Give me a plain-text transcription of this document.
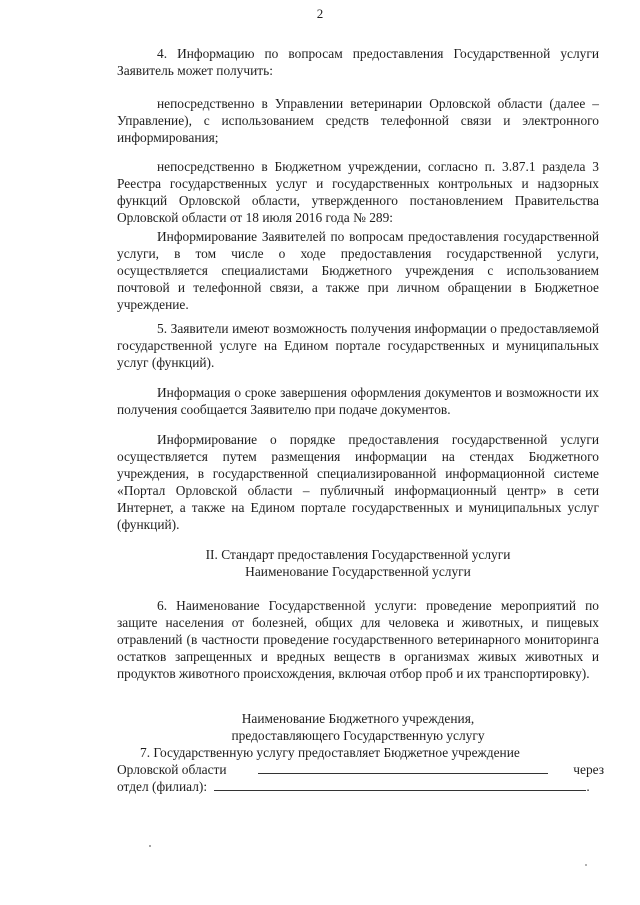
2

4. Информацию по вопросам предоставления Государственной услуги Заявитель может получить:

непосредственно в Управлении ветеринарии Орловской области (далее – Управление), с использованием средств телефонной связи и электронного информирования;

непосредственно в Бюджетном учреждении, согласно п. 3.87.1 раздела 3 Реестра государственных услуг и государственных контрольных и надзорных функций Орловской области, утвержденного постановлением Правительства Орловской области от 18 июля 2016 года № 289:

Информирование Заявителей по вопросам предоставления государственной услуги, в том числе о ходе предоставления государственной услуги, осуществляется специалистами Бюджетного учреждения с использованием почтовой и телефонной связи, а также при личном обращении в Бюджетное учреждение.

5. Заявители имеют возможность получения информации о предоставляемой государственной услуге на Едином портале государственных и муниципальных услуг (функций).

Информация о сроке завершения оформления документов и возможности их получения сообщается Заявителю при подаче документов.

Информирование о порядке предоставления государственной услуги осуществляется путем размещения информации на стендах Бюджетного учреждения, в государственной специализированной информационной системе «Портал Орловской области – публичный информационный центр» в сети Интернет, а также на Едином портале государственных и муниципальных услуг (функций).

II. Стандарт предоставления Государственной услуги
Наименование Государственной услуги

6. Наименование Государственной услуги: проведение мероприятий по защите населения от болезней, общих для человека и животных, и пищевых отравлений (в частности проведение государственного ветеринарного мониторинга остатков запрещенных и вредных веществ в организмах живых животных и продуктов животного происхождения, включая отбор проб и их транспортировку).

Наименование Бюджетного учреждения,
предоставляющего Государственную услугу
7. Государственную услугу предоставляет Бюджетное учреждение
Орловской области	через
отдел (филиал):	.
